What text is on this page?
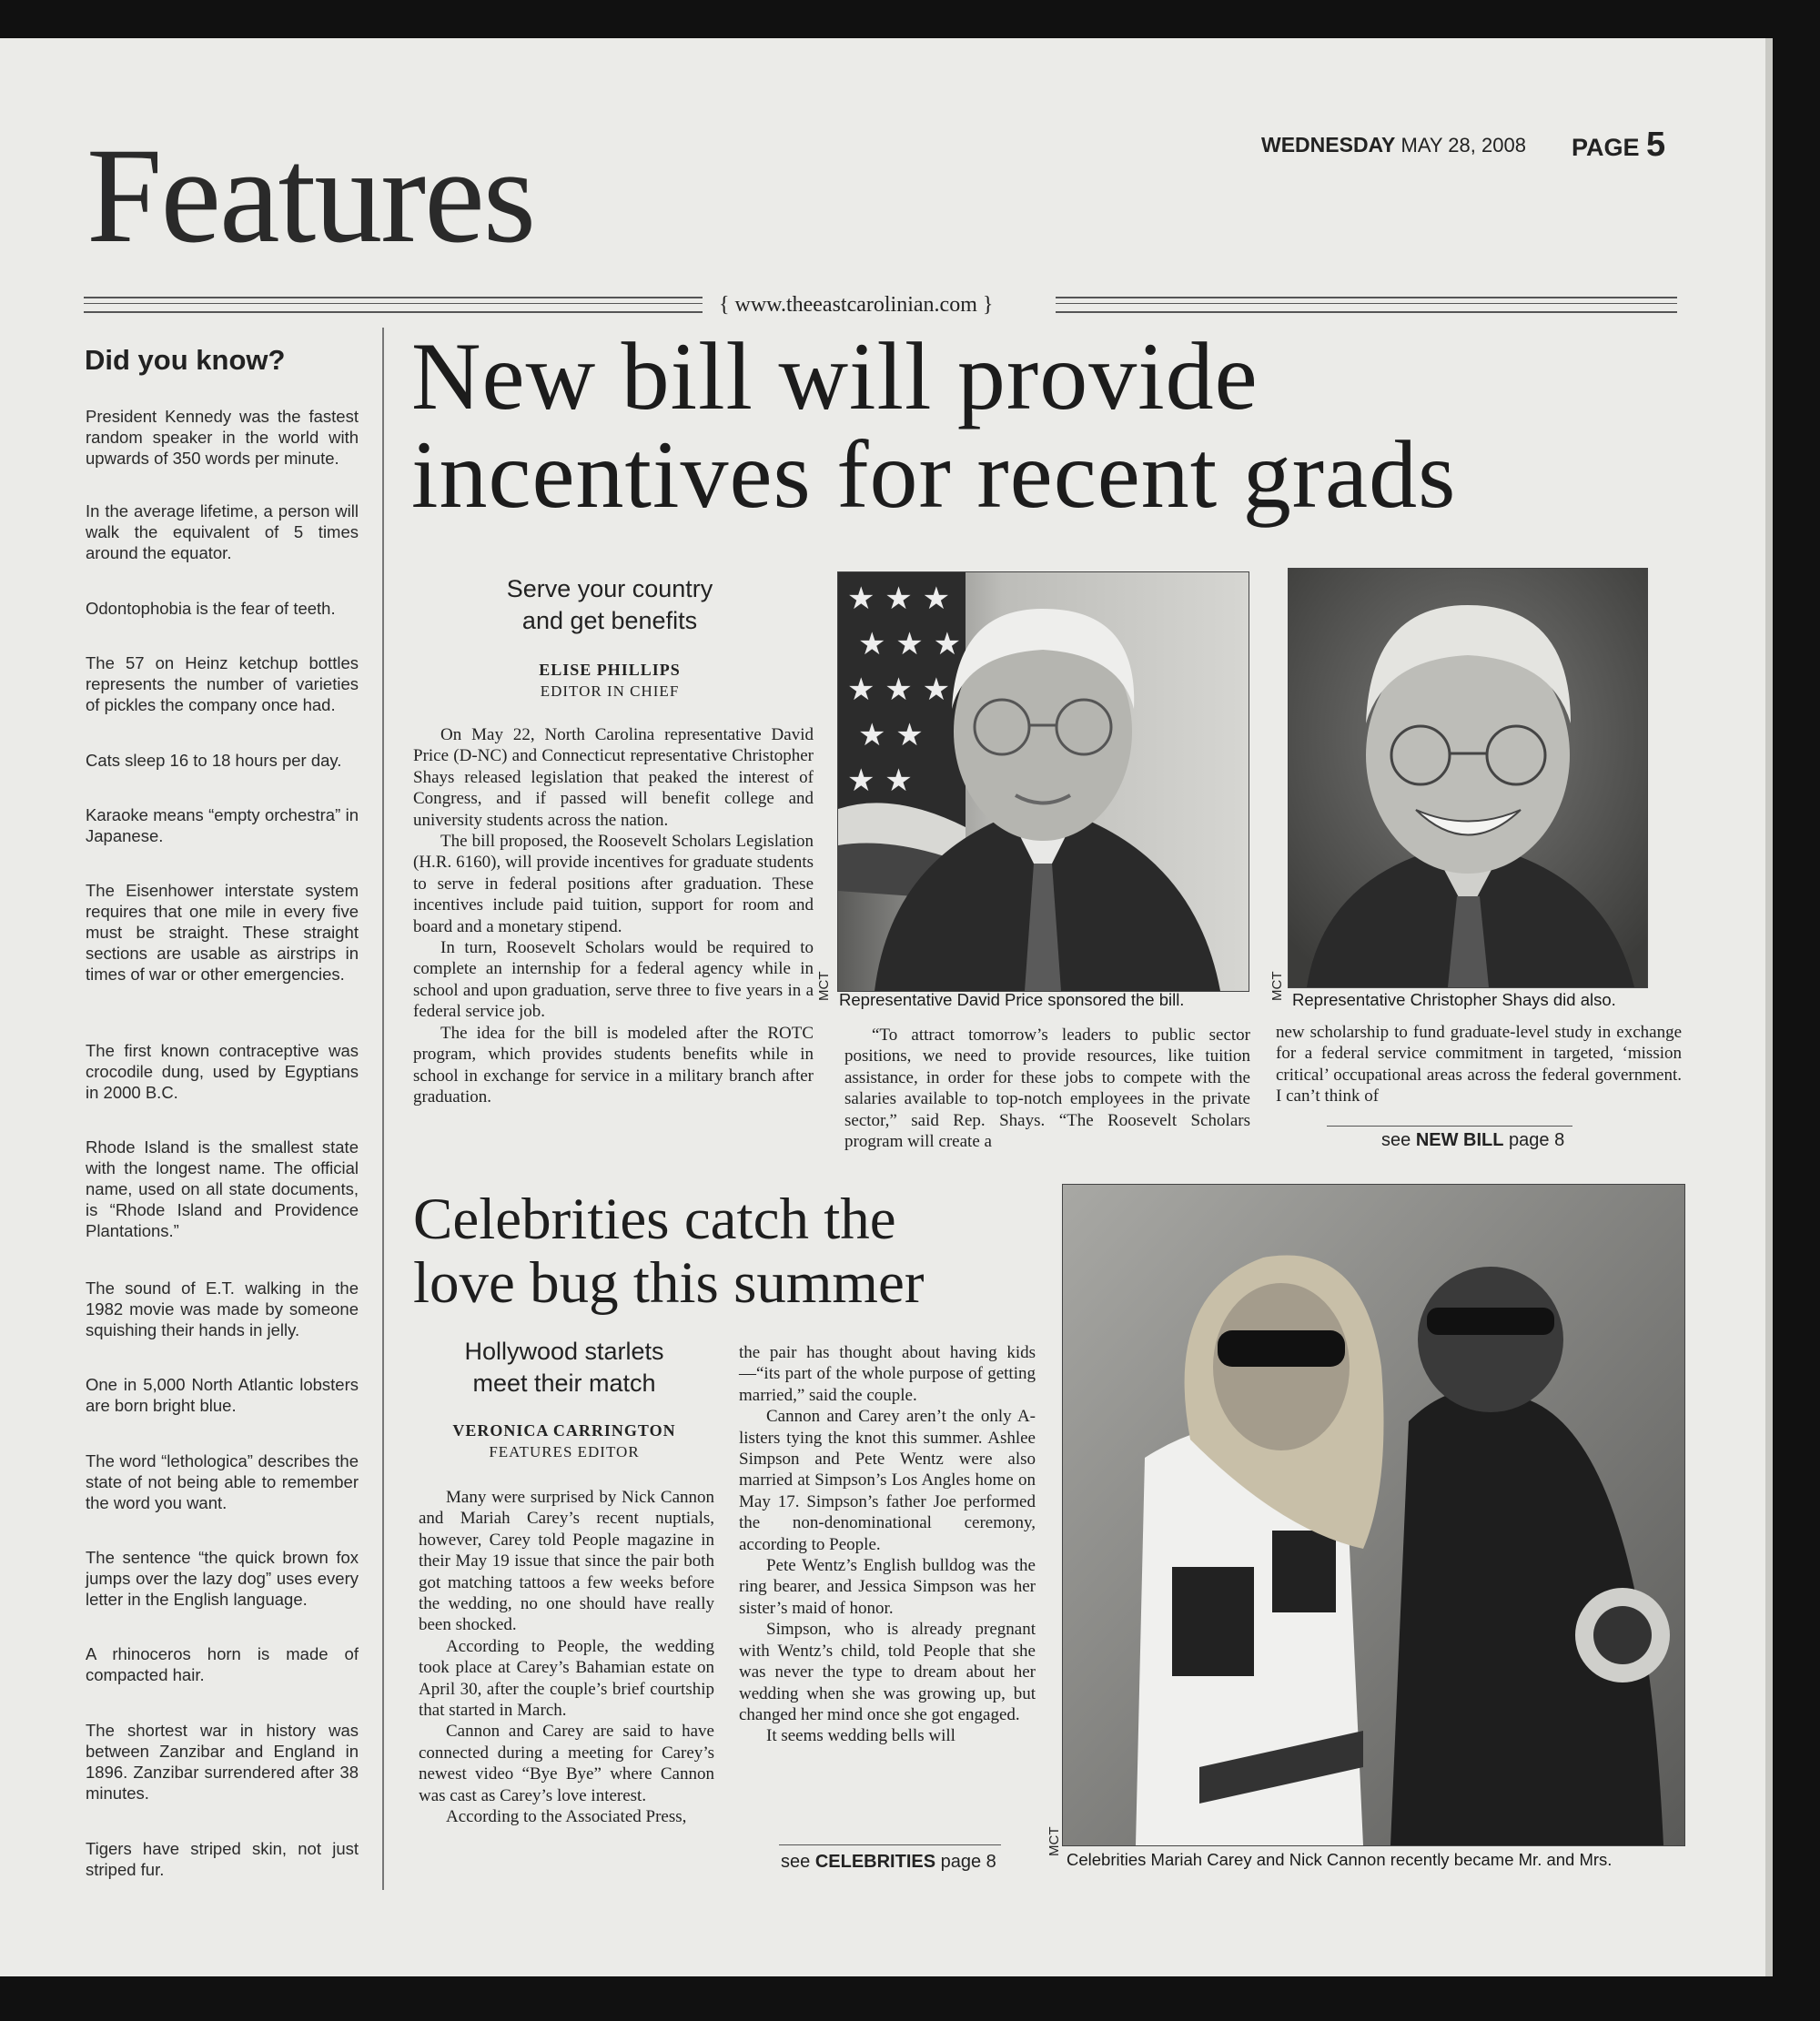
Features	WEDNESDAY MAY 28, 2008 PAGE 5
{ www.theeastcarolinian.com }
Did you know?
President Kennedy was the fastest random speaker in the world with upwards of 350 words per minute.
In the average lifetime, a person will walk the equivalent of 5 times around the equator.
Odontophobia is the fear of teeth.
The 57 on Heinz ketchup bottles represents the number of varieties of pickles the company once had.
Cats sleep 16 to 18 hours per day.
Karaoke means “empty orchestra” in Japanese.
The Eisenhower interstate system requires that one mile in every five must be straight. These straight sections are usable as airstrips in times of war or other emergencies.
The first known contraceptive was crocodile dung, used by Egyptians in 2000 B.C.
Rhode Island is the smallest state with the longest name. The official name, used on all state documents, is “Rhode Island and Providence Plantations.”
The sound of E.T. walking in the 1982 movie was made by someone squishing their hands in jelly.
One in 5,000 North Atlantic lobsters are born bright blue.
The word “lethologica” describes the state of not being able to remember the word you want.
The sentence “the quick brown fox jumps over the lazy dog” uses every letter in the English language.
A rhinoceros horn is made of compacted hair.
The shortest war in history was between Zanzibar and England in 1896. Zanzibar surrendered after 38 minutes.
Tigers have striped skin, not just striped fur.
New bill will provide
incentives for recent grads
Serve your country
and get benefits
ELISE PHILLIPS
EDITOR IN CHIEF

On May 22, North Carolina representative David Price (D-NC) and Connecticut representative Christopher Shays released legislation that peaked the interest of Congress, and if passed will benefit college and university students across the nation.

The bill proposed, the Roosevelt Scholars Legislation (H.R. 6160), will provide incentives for graduate students to serve in federal positions after graduation. These incentives include paid tuition, support for room and board and a monetary stipend.

In turn, Roosevelt Scholars would be required to complete an internship for a federal agency while in school and upon graduation, serve three to five years in a federal service job.

The idea for the bill is modeled after the ROTC program, which provides students benefits while in school in exchange for service in a military branch after graduation.

★ ★ ★
★ ★ ★
★ ★ ★
★ ★
★ ★
MCT Representative David Price sponsored the bill.	MCT Representative Christopher Shays did also.

“To attract tomorrow’s leaders to public sector positions, we need to provide resources, like tuition assistance, in order for these jobs to compete with the salaries available to top-notch employees in the private sector,” said Rep. Shays. “The Roosevelt Scholars program will create a

new scholarship to fund graduate-level study in exchange for a federal service commitment in targeted, ‘mission critical’ occupational areas across the federal government. I can’t think of

see NEW BILL page 8
Celebrities catch the
love bug this summer
Hollywood starlets
meet their match
VERONICA CARRINGTON
FEATURES EDITOR

Many were surprised by Nick Cannon and Mariah Carey’s recent nuptials, however, Carey told People magazine in their May 19 issue that since the pair both got matching tattoos a few weeks before the wedding, no one should have really been shocked.

According to People, the wedding took place at Carey’s Bahamian estate on April 30, after the couple’s brief courtship that started in March.

Cannon and Carey are said to have connected during a meeting for Carey’s newest video “Bye Bye” where Cannon was cast as Carey’s love interest.

According to the Associated Press,

the pair has thought about having kids—“its part of the whole purpose of getting married,” said the couple.

Cannon and Carey aren’t the only A-listers tying the knot this summer. Ashlee Simpson and Pete Wentz were also married at Simpson’s Los Angles home on May 17. Simpson’s father Joe performed the non-denominational ceremony, according to People.

Pete Wentz’s English bulldog was the ring bearer, and Jessica Simpson was her sister’s maid of honor.

Simpson, who is already pregnant with Wentz’s child, told People that she was never the type to dream about her wedding when she was growing up, but changed her mind once she got engaged.

It seems wedding bells will

see CELEBRITIES page 8
MCT
Celebrities Mariah Carey and Nick Cannon recently became Mr. and Mrs.
